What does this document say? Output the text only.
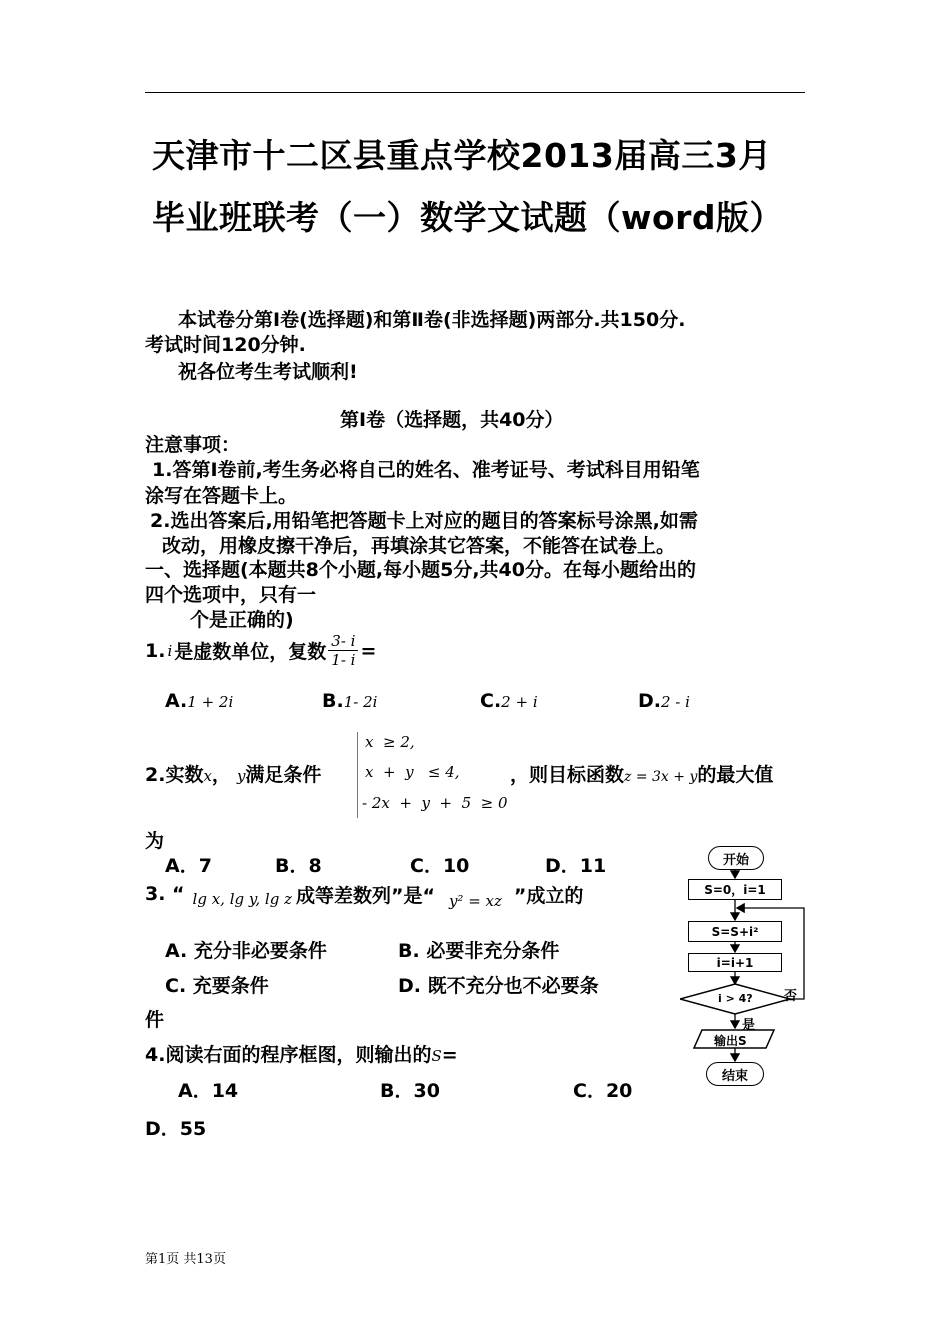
天津市十二区县重点学校2013届高三3月
毕业班联考（一）数学文试题（word版）
本试卷分第Ⅰ卷(选择题)和第Ⅱ卷(非选择题)两部分.共150分.
考试时间120分钟.
祝各位考生考试顺利!
第Ⅰ卷（选择题，共40分）
注意事项：
1.答第Ⅰ卷前,考生务必将自己的姓名、准考证号、考试科目用铅笔
涂写在答题卡上。
2.选出答案后,用铅笔把答题卡上对应的题目的答案标号涂黑,如需
改动，用橡皮擦干净后，再填涂其它答案，不能答在试卷上。
一、选择题(本题共8个小题,每小题5分,共40分。在每小题给出的
四个选项中，只有一
个是正确的)
1. i 是虚数单位，复数 $\frac{3- i}{1- i}$ =
A.1 + 2i	B.1- 2i	C.2 + i	D.2 - i
2.实数x， y满足条件
x  ≥ 2,
x  +  y   ≤ 4,
- 2x  +  y  +  5  ≥ 0
，则目标函数z = 3x + y的最大值
为
A．7	B．8	C．10	D．11
3. “ lg x, lg y, lg z 成等差数列”是“ y² = xz ”成立的
A. 充分非必要条件	B. 必要非充分条件
C. 充要条件	D. 既不充分也不必要条
件
4.阅读右面的程序框图，则输出的S=
A．14	B．30	C．20
D．55
开始
S=0，i=1
S=S+i²
i=i+1
i > 4? 否
是
输出S
结束
第1页 共13页
